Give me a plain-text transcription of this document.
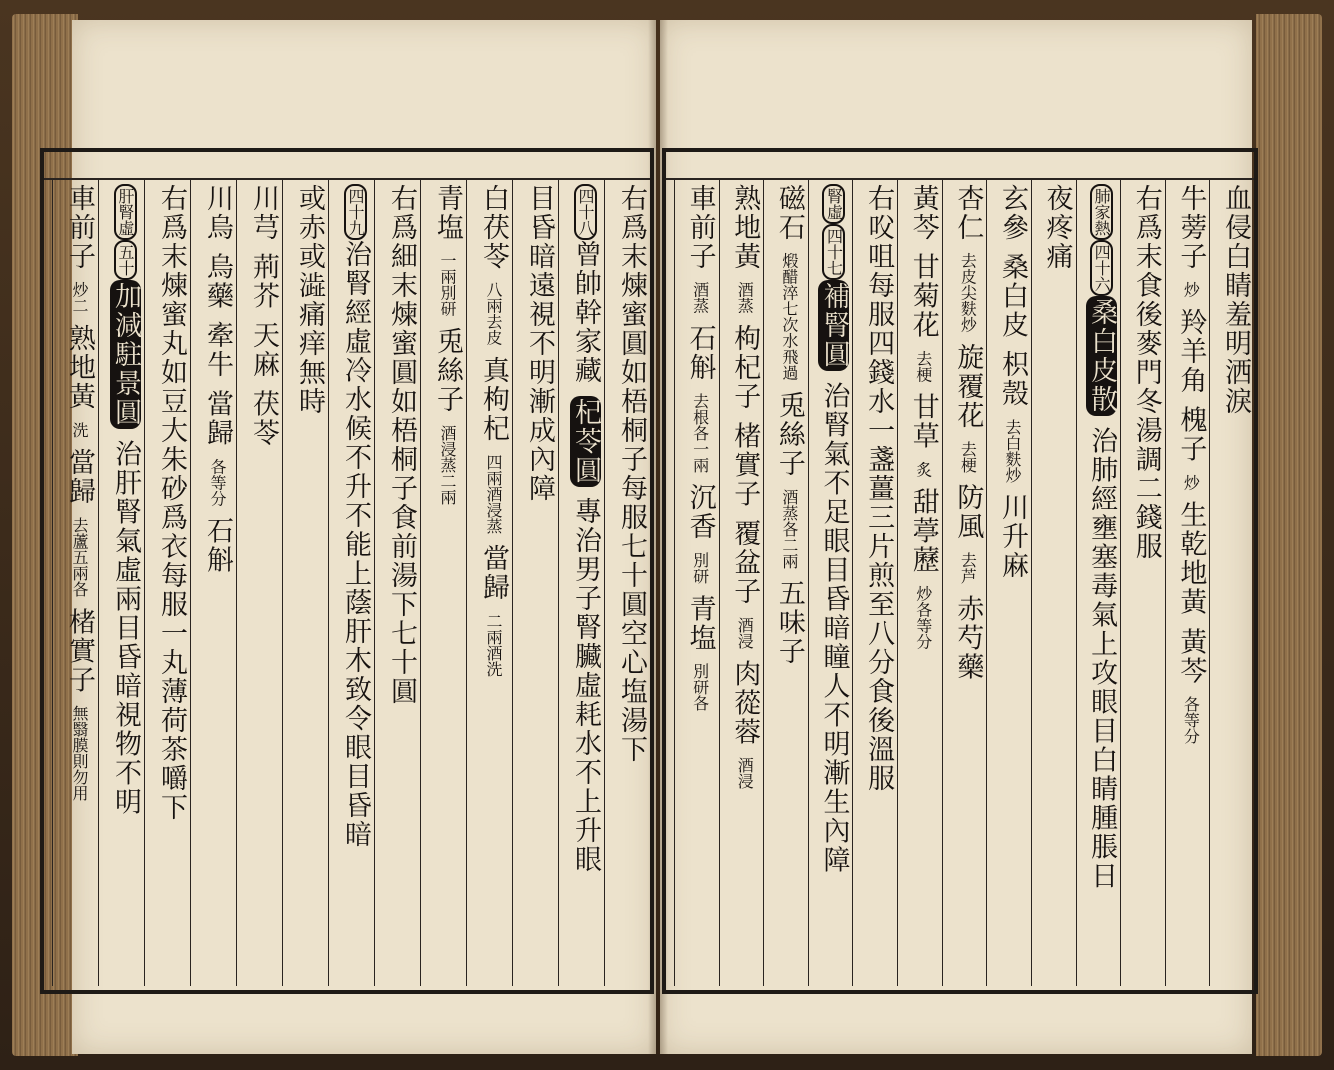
右爲末煉蜜圓如梧桐子每服七十圓空心塩湯下
四十八曾帥幹家藏 杞苓圓 專治男子腎臟虛耗水不上升眼
目昏暗遠視不明漸成內障
白茯苓 八兩去皮 真枸杞 四兩酒浸蒸 當歸 二兩酒洗
青塩 一兩別研 兎絲子 酒浸蒸二兩
右爲細末煉蜜圓如梧桐子食前湯下七十圓
四十九治腎經虛冷水候不升不能上蔭肝木致令眼目昏暗
或赤或澁痛痒無時
川芎 荊芥 天麻 茯苓
川烏 烏藥 牽牛 當歸 各等分 石斛
右爲末煉蜜丸如豆大朱砂爲衣每服一丸薄荷茶嚼下
肝腎虛五十加減駐景圓 治肝腎氣虛兩目昏暗視物不明
車前子 炒二 熟地黃 洗 當歸 去蘆五兩各 楮實子 無翳膜則勿用
血侵白睛羞明洒淚
牛蒡子 炒 羚羊角 槐子 炒 生乾地黃 黃芩 各等分
右爲末食後麥門冬湯調二錢服
肺家熱四十六桑白皮散 治肺經壅塞毒氣上攻眼目白睛腫脹日
夜疼痛
玄參 桑白皮 枳殼 去白麩炒 川升麻
杏仁 去皮尖麩炒 旋覆花 去梗 防風 去芦 赤芍藥
黃芩 甘菊花 去梗 甘草 炙 甜葶藶 炒各等分
右㕮咀每服四錢水一盞薑三片煎至八分食後溫服
腎虛四十七補腎圓 治腎氣不足眼目昏暗瞳人不明漸生內障
磁石 煅醋淬七次水飛過 兎絲子 酒蒸各二兩 五味子
熟地黃 酒蒸 枸杞子 楮實子 覆盆子 酒浸 肉蓯蓉 酒浸
車前子 酒蒸 石斛 去根各一兩 沉香 別研 青塩 別研各
